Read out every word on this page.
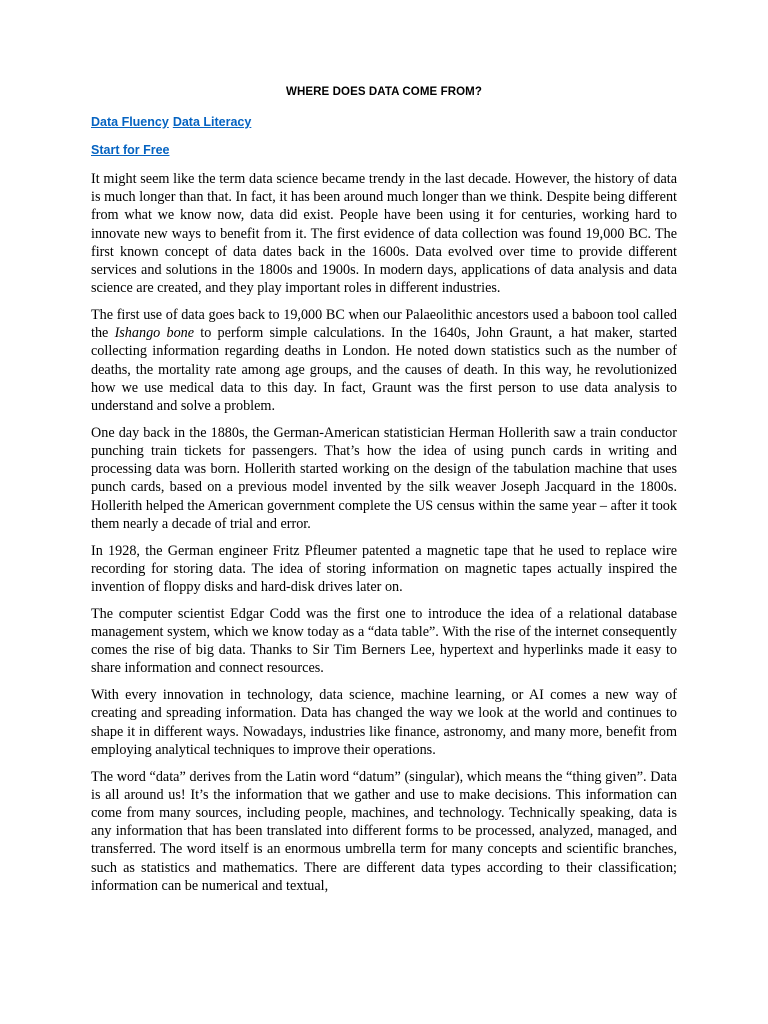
WHERE DOES DATA COME FROM?
Data Fluency Data Literacy
Start for Free

It might seem like the term data science became trendy in the last decade. However, the history of data is much longer than that. In fact, it has been around much longer than we think. Despite being different from what we know now, data did exist. People have been using it for centuries, working hard to innovate new ways to benefit from it. The first evidence of data collection was found 19,000 BC. The first known concept of data dates back in the 1600s. Data evolved over time to provide different services and solutions in the 1800s and 1900s. In modern days, applications of data analysis and data science are created, and they play important roles in different industries.

The first use of data goes back to 19,000 BC when our Palaeolithic ancestors used a baboon tool called the Ishango bone to perform simple calculations. In the 1640s, John Graunt, a hat maker, started collecting information regarding deaths in London. He noted down statistics such as the number of deaths, the mortality rate among age groups, and the causes of death. In this way, he revolutionized how we use medical data to this day. In fact, Graunt was the first person to use data analysis to understand and solve a problem.

One day back in the 1880s, the German-American statistician Herman Hollerith saw a train conductor punching train tickets for passengers. That’s how the idea of using punch cards in writing and processing data was born. Hollerith started working on the design of the tabulation machine that uses punch cards, based on a previous model invented by the silk weaver Joseph Jacquard in the 1800s. Hollerith helped the American government complete the US census within the same year – after it took them nearly a decade of trial and error.

In 1928, the German engineer Fritz Pfleumer patented a magnetic tape that he used to replace wire recording for storing data. The idea of storing information on magnetic tapes actually inspired the invention of floppy disks and hard-disk drives later on.

The computer scientist Edgar Codd was the first one to introduce the idea of a relational database management system, which we know today as a “data table”. With the rise of the internet consequently comes the rise of big data. Thanks to Sir Tim Berners Lee, hypertext and hyperlinks made it easy to share information and connect resources.

With every innovation in technology, data science, machine learning, or AI comes a new way of creating and spreading information. Data has changed the way we look at the world and continues to shape it in different ways. Nowadays, industries like finance, astronomy, and many more, benefit from employing analytical techniques to improve their operations.

The word “data” derives from the Latin word “datum” (singular), which means the “thing given”. Data is all around us! It’s the information that we gather and use to make decisions. This information can come from many sources, including people, machines, and technology. Technically speaking, data is any information that has been translated into different forms to be processed, analyzed, managed, and transferred. The word itself is an enormous umbrella term for many concepts and scientific branches, such as statistics and mathematics. There are different data types according to their classification; information can be numerical and textual,
